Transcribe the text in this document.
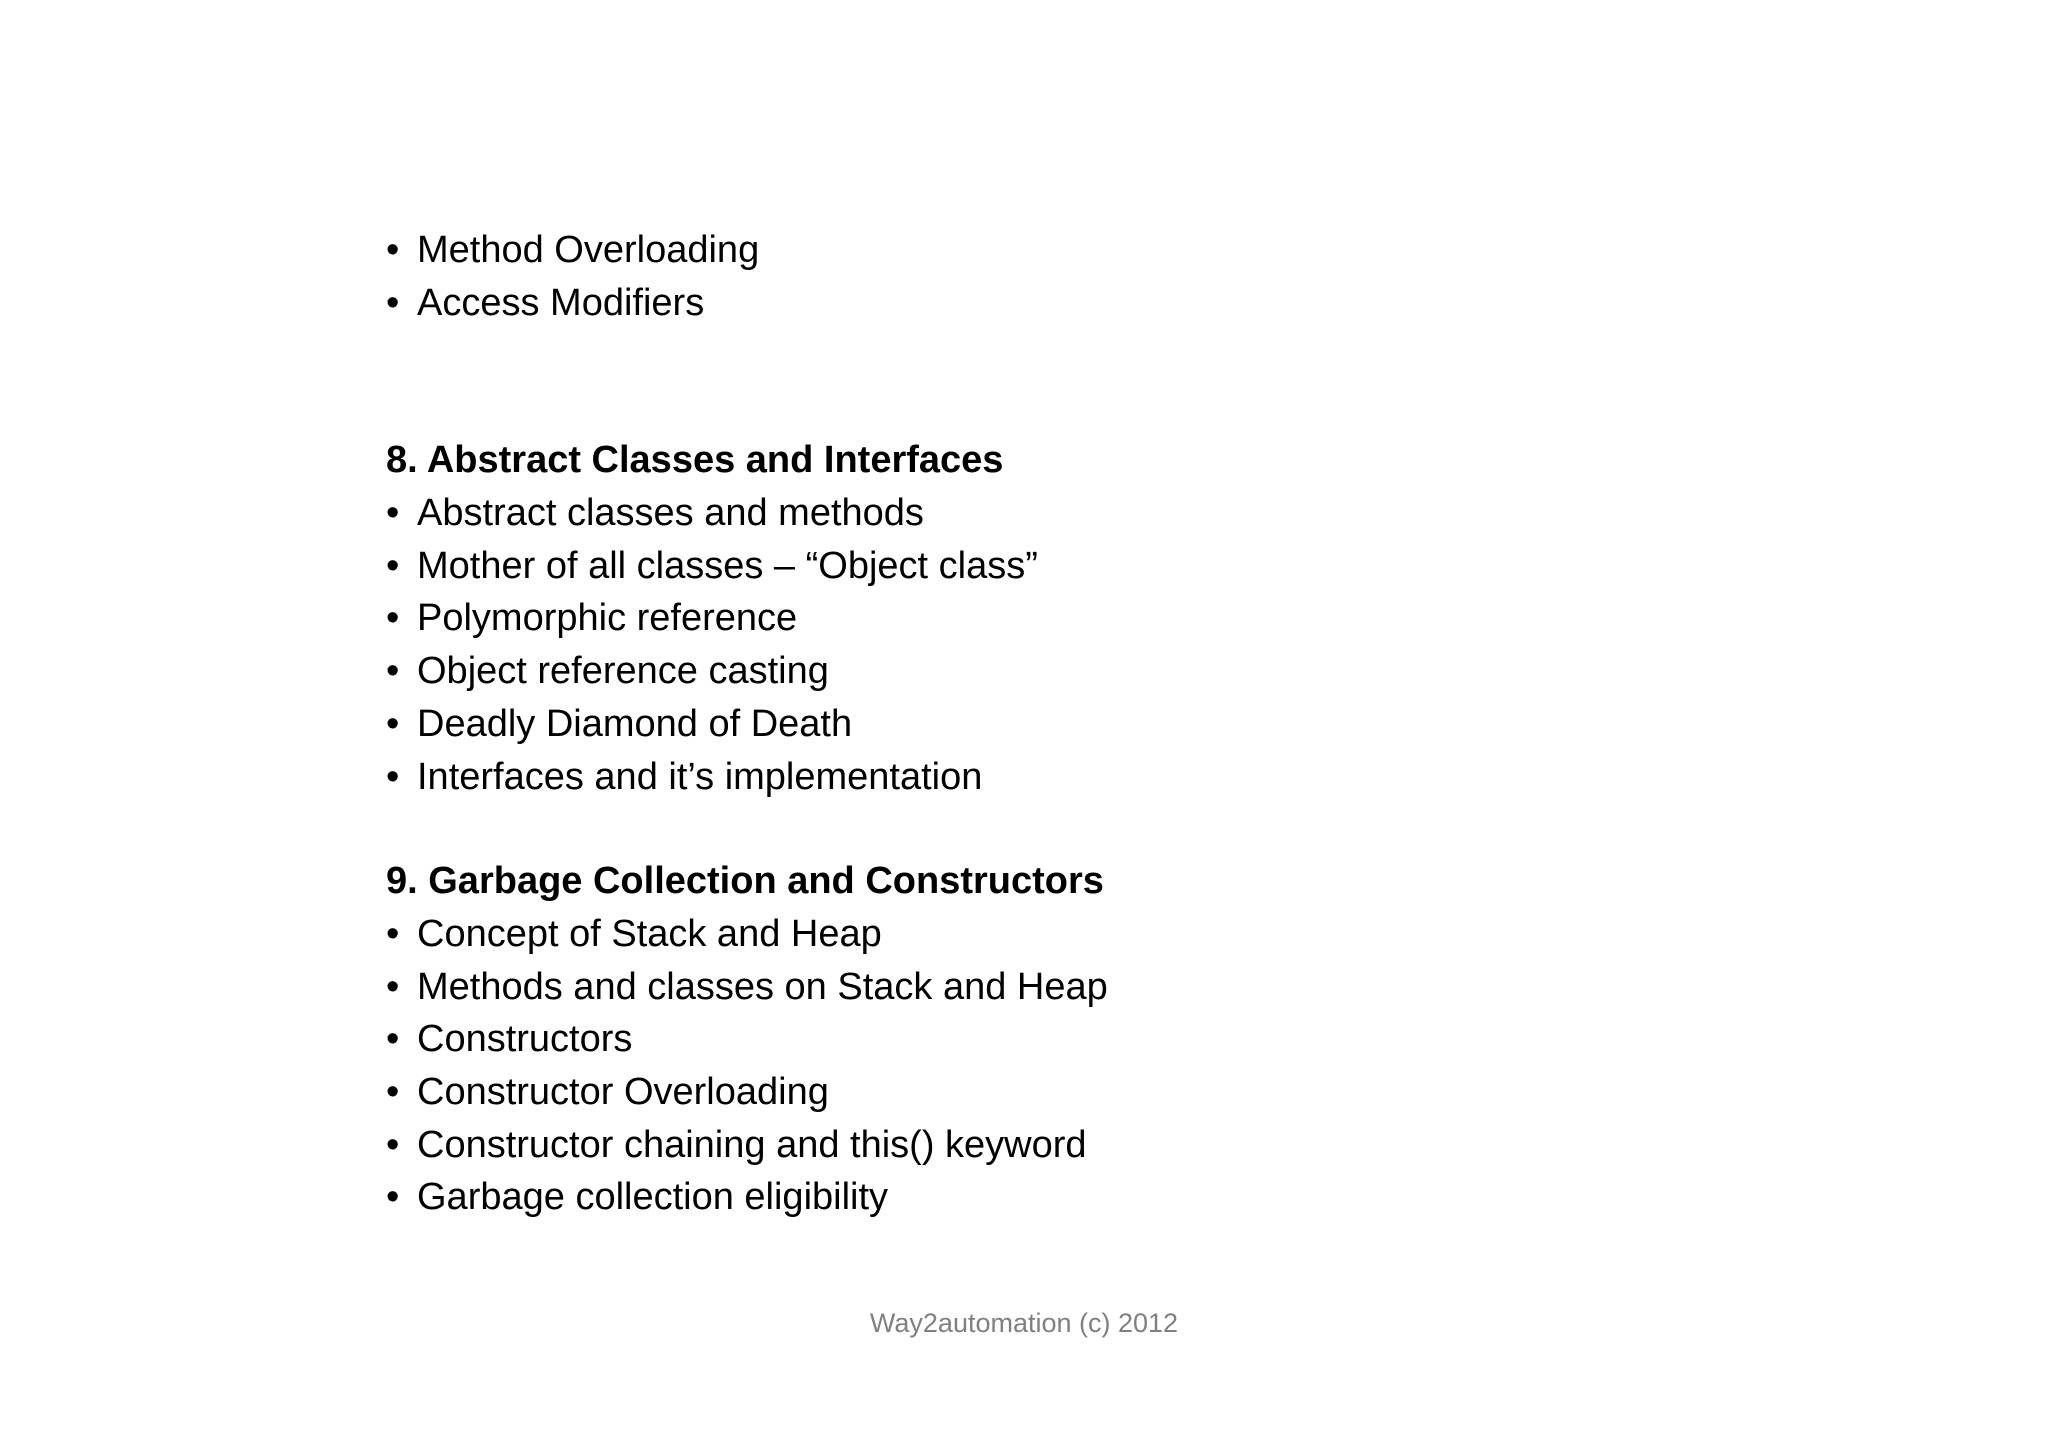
• Method Overloading
• Access Modifiers
8. Abstract Classes and Interfaces
• Abstract classes and methods
• Mother of all classes – “Object class”
• Polymorphic reference
• Object reference casting
• Deadly Diamond of Death
• Interfaces and it’s implementation
9. Garbage Collection and Constructors
• Concept of Stack and Heap
• Methods and classes on Stack and Heap
• Constructors
• Constructor Overloading
• Constructor chaining and this() keyword
• Garbage collection eligibility
Way2automation (c) 2012
